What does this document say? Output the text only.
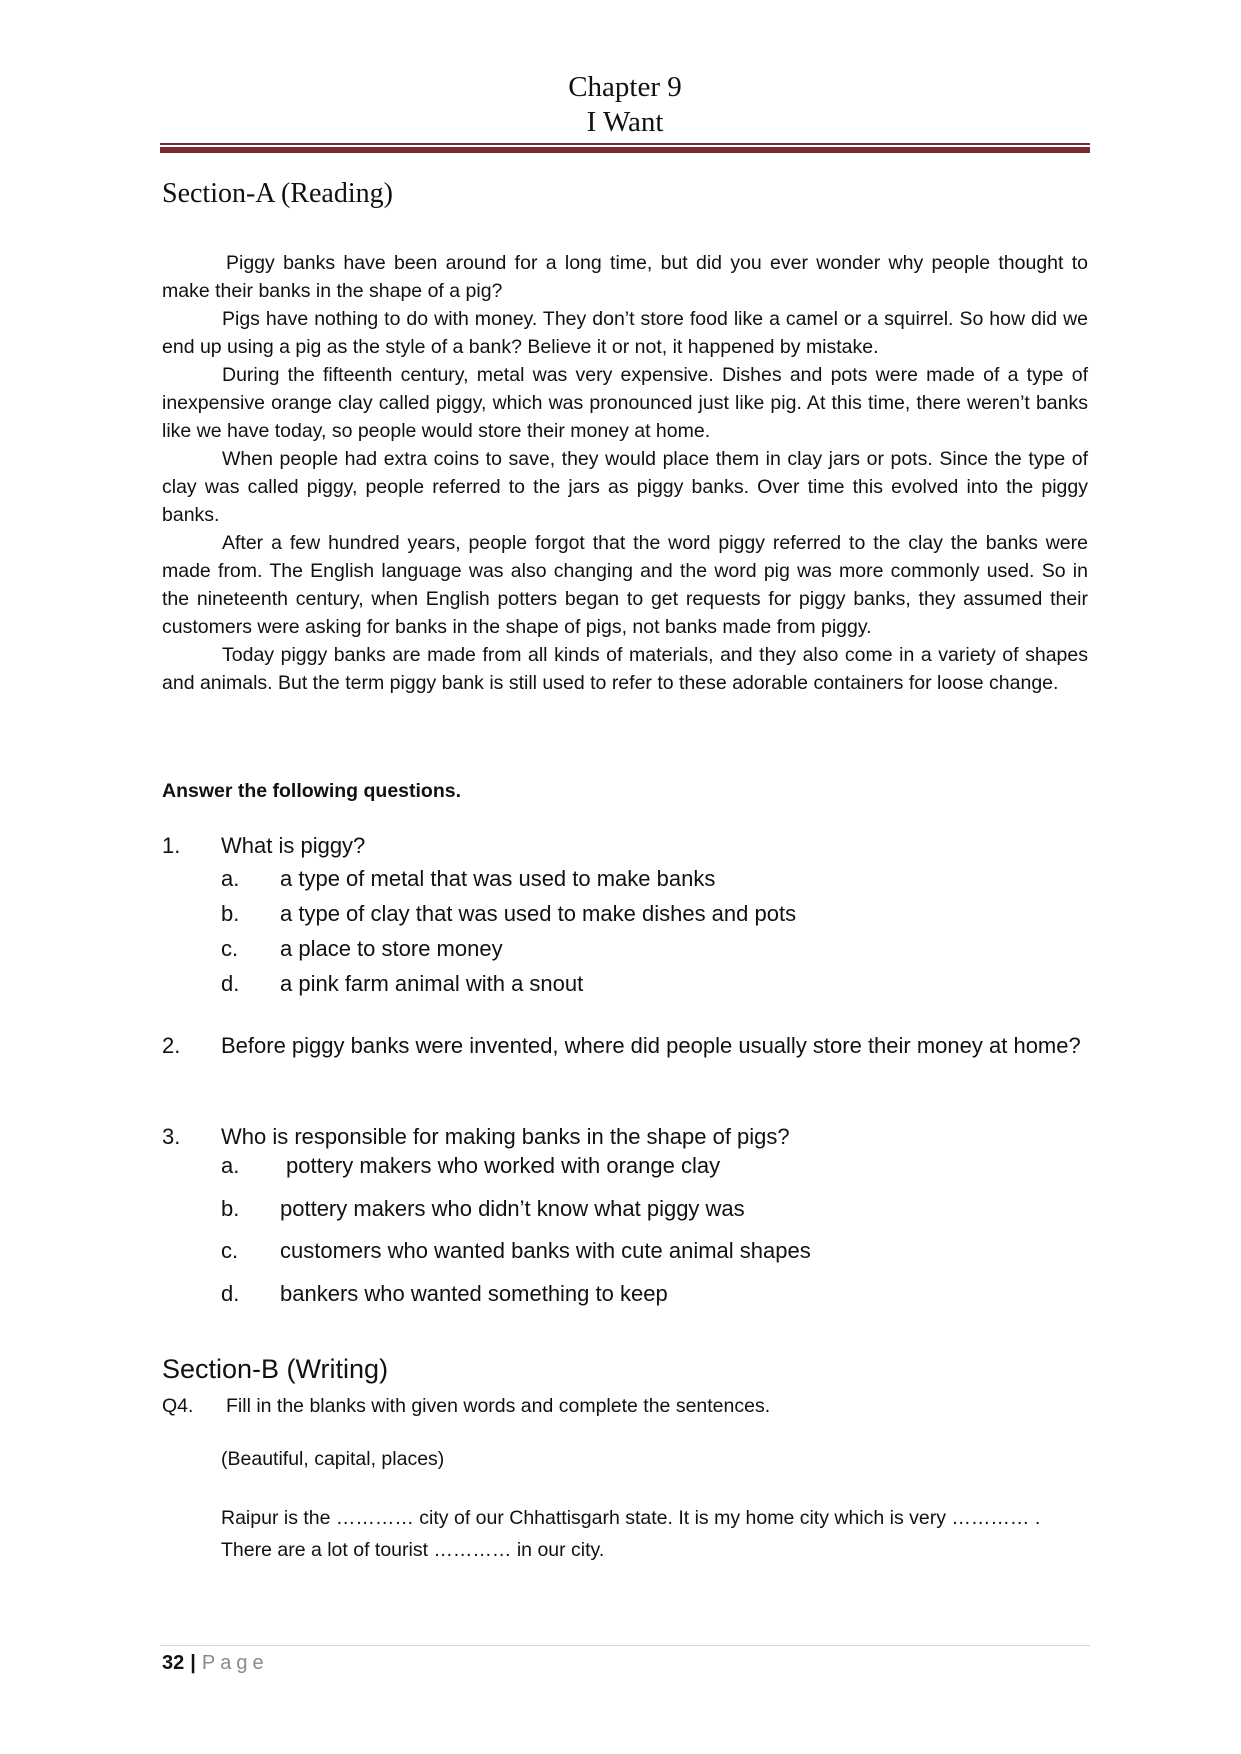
Chapter 9
I Want
Section-A (Reading)

Piggy banks have been around for a long time, but did you ever wonder why people thought to make their banks in the shape of a pig?

Pigs have nothing to do with money. They don’t store food like a camel or a squirrel. So how did we end up using a pig as the style of a bank? Believe it or not, it happened by mistake.

During the fifteenth century, metal was very expensive. Dishes and pots were made of a type of inexpensive orange clay called piggy, which was pronounced just like pig. At this time, there weren’t banks like we have today, so people would store their money at home.

When people had extra coins to save, they would place them in clay jars or pots. Since the type of clay was called piggy, people referred to the jars as piggy banks. Over time this evolved into the piggy banks.

After a few hundred years, people forgot that the word piggy referred to the clay the banks were made from. The English language was also changing and the word pig was more commonly used. So in the nineteenth century, when English potters began to get requests for piggy banks, they assumed their customers were asking for banks in the shape of pigs, not banks made from piggy.

Today piggy banks are made from all kinds of materials, and they also come in a variety of shapes and animals. But the term piggy bank is still used to refer to these adorable containers for loose change.

Answer the following questions.
1. What is piggy?
a. a type of metal that was used to make banks
b. a type of clay that was used to make dishes and pots
c. a place to store money
d. a pink farm animal with a snout
2. Before piggy banks were invented, where did people usually store their money at home?
3. Who is responsible for making banks in the shape of pigs?
a. pottery makers who worked with orange clay
b. pottery makers who didn’t know what piggy was
c. customers who wanted banks with cute animal shapes
d. bankers who wanted something to keep
Section-B (Writing)
Q4. Fill in the blanks with given words and complete the sentences.
(Beautiful, capital, places)
Raipur is the ………… city of our Chhattisgarh state. It is my home city which is very ………… .
There are a lot of tourist ………… in our city.
32 | Page
